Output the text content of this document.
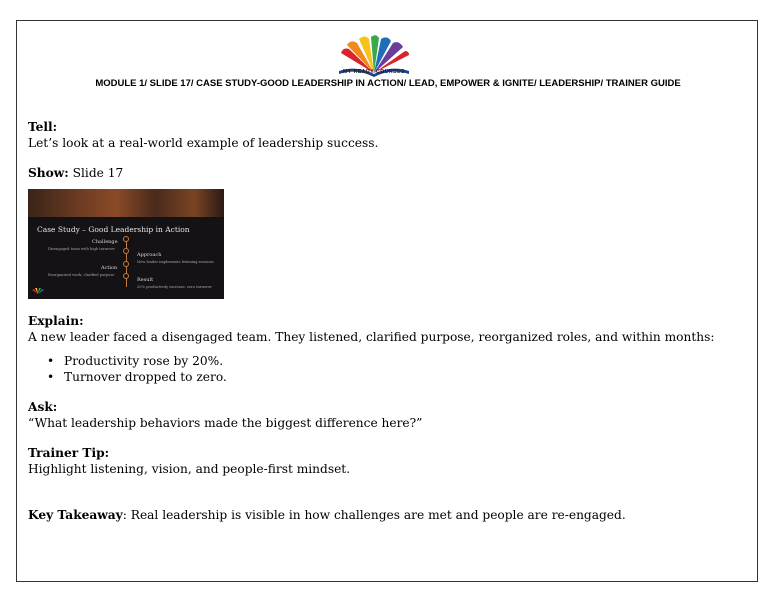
MY READY COURSES
MODULE 1/ SLIDE 17/ CASE STUDY-GOOD LEADERSHIP IN ACTION/ LEAD, EMPOWER & IGNITE/ LEADERSHIP/ TRAINER GUIDE

Tell:
Let’s look at a real-world example of leadership success.

Show: Slide 17

Case Study – Good Leadership in Action
Challenge
Disengaged team with high turnover
Approach
New leader implements listening sessions
Action
Reorganized work, clarified purpose
Result
20% productivity increase, zero turnover

Explain:
A new leader faced a disengaged team. They listened, clarified purpose, reorganized roles, and within months:

• Productivity rose by 20%.
• Turnover dropped to zero.

Ask:
“What leadership behaviors made the biggest difference here?”

Trainer Tip:
Highlight listening, vision, and people-first mindset.

Key Takeaway: Real leadership is visible in how challenges are met and people are re-engaged.
